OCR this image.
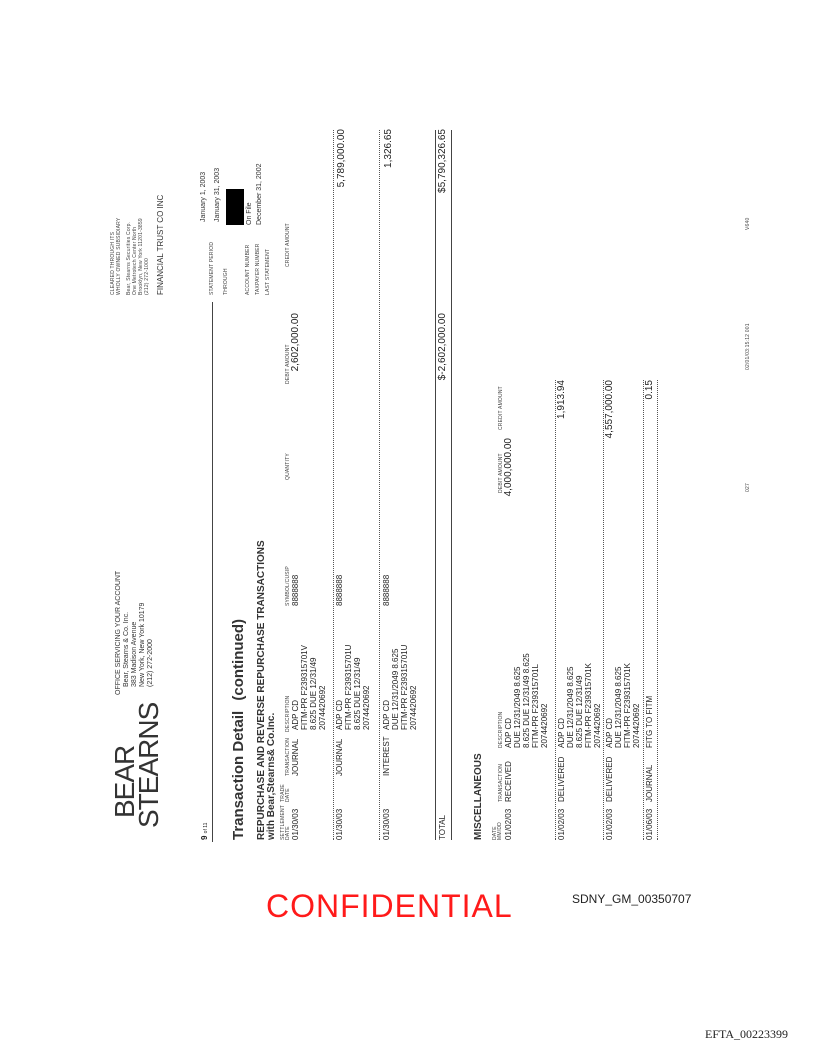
BEAR
STEARNS
OFFICE SERVICING YOUR ACCOUNT Bear, Stearns & Co. Inc. 383 Madison Avenue New York, New York 10179 (212) 272-2000
CLEARED THROUGH ITS WHOLLY OWNED SUBSIDIARY Bear, Stearns Securities Corp. One Metrotech Center North Brooklyn, New York 11201-3859 (212) 272-1000 FINANCIAL TRUST CO INC
9 of 11
STATEMENT PERIOD
January 1, 2003
THROUGH
January 31, 2003
ACCOUNT NUMBER TAXPAYER NUMBER
On File
LAST STATEMENT
December 31, 2002
Transaction Detail (continued) REPURCHASE AND REVERSE REPURCHASE TRANSACTIONS with Bear,Stearns& Co.Inc. SETTLEMENT DATE
TRADE DATE
TRANSACTION
DESCRIPTION
SYMBOL/CUSIP
QUANTITY
DEBIT AMOUNT
CREDIT AMOUNT
01/30/03
JOURNAL
ADP CD FITM-PR F239315701V 8.625 DUE 12/31/49 2074420692
8888888
2,602,000.00
01/30/03
JOURNAL
ADP CD FITM-PR F239315701U 8.625 DUE 12/31/49 2074420692
8888888
5,789,000.00
01/30/03
INTEREST
ADP CD DUE 12/31/2049 8.625 FITM-PR F239315701U 2074420692
8888888
1,326.65
TOTAL
$-2,602,000.00
$5,790,326.65
MISCELLANEOUS DATE MM/DD
TRANSACTION
DESCRIPTION
DEBIT AMOUNT
CREDIT AMOUNT
01/02/03
RECEIVED
ADP CD DUE 12/31/2049 8.625 8.625 DUE 12/31/49 8.625 FITM-PR F239315701L 2074420692
4,000,000.00
01/02/03
DELIVERED
ADP CD DUE 12/31/2049 8.625 8.625 DUE 12/31/49 FITM-PR F239315701K 2074420692
1,913.94
01/02/03
DELIVERED
ADP CD DUE 12/31/2049 8.625 FITM-PR F239315701K 2074420692
4,557,000.00
01/06/03
JOURNAL
FITG TO FITM
0.15
027
02/01/03:15:12 001
V640
CONFIDENTIAL	SDNY_GM_00350707
EFTA_00223399
